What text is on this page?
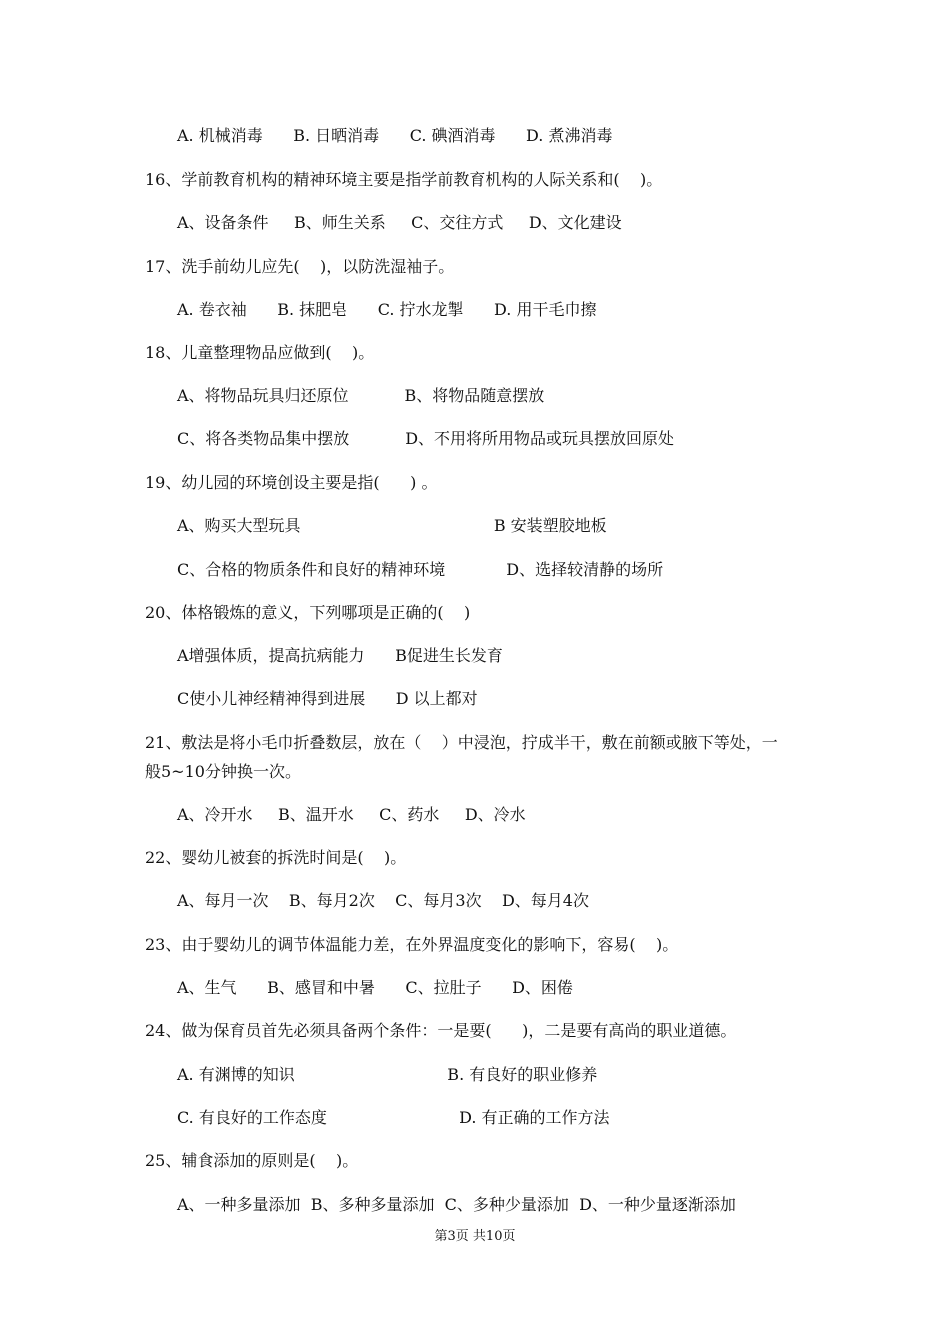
A. 机械消毒      B. 日晒消毒      C. 碘酒消毒      D. 煮沸消毒
16、学前教育机构的精神环境主要是指学前教育机构的人际关系和(    )。
A、设备条件     B、师生关系     C、交往方式     D、文化建设
17、洗手前幼儿应先(    )，以防洗湿袖子。
A. 卷衣袖      B. 抹肥皂      C. 拧水龙掣      D. 用干毛巾擦
18、儿童整理物品应做到(    )。
A、将物品玩具归还原位           B、将物品随意摆放
C、将各类物品集中摆放           D、不用将所用物品或玩具摆放回原处
19、幼儿园的环境创设主要是指(      ) 。
A、购买大型玩具                                      B 安装塑胶地板
C、合格的物质条件和良好的精神环境            D、选择较清静的场所
20、体格锻炼的意义，下列哪项是正确的(    )
A增强体质，提高抗病能力      B促进生长发育
C使小儿神经精神得到进展      D 以上都对
21、敷法是将小毛巾折叠数层，放在（    ）中浸泡，拧成半干，敷在前额或腋下等处，一
般5~10分钟换一次。
A、冷开水     B、温开水     C、药水     D、冷水
22、婴幼儿被套的拆洗时间是(    )。
A、每月一次    B、每月2次    C、每月3次    D、每月4次
23、由于婴幼儿的调节体温能力差，在外界温度变化的影响下，容易(    )。
A、生气      B、感冒和中暑      C、拉肚子      D、困倦
24、做为保育员首先必须具备两个条件：一是要(      )，二是要有高尚的职业道德。
A. 有渊博的知识                              B. 有良好的职业修养
C. 有良好的工作态度                          D. 有正确的工作方法
25、辅食添加的原则是(    )。
A、一种多量添加  B、多种多量添加  C、多种少量添加  D、一种少量逐渐添加
第3页 共10页
